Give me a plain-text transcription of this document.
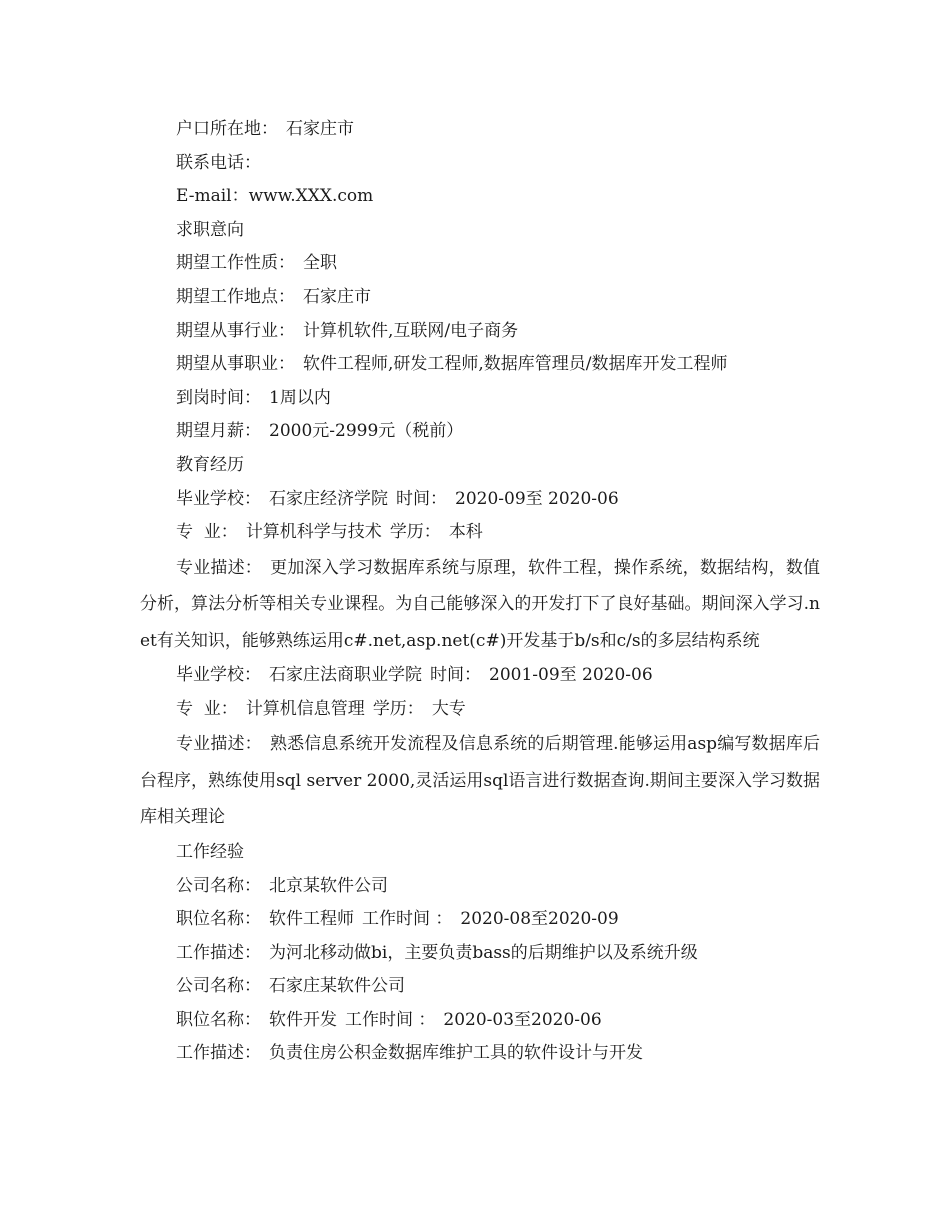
户口所在地： 石家庄市
联系电话：
E-mail：www.XXX.com
求职意向
期望工作性质： 全职
期望工作地点： 石家庄市
期望从事行业： 计算机软件,互联网/电子商务
期望从事职业： 软件工程师,研发工程师,数据库管理员/数据库开发工程师
到岗时间： 1周以内
期望月薪： 2000元-2999元（税前）
教育经历
毕业学校： 石家庄经济学院 时间： 2020-09至 2020-06
专  业： 计算机科学与技术 学历： 本科

专业描述： 更加深入学习数据库系统与原理，软件工程，操作系统，数据结构，数值分析，算法分析等相关专业课程。为自己能够深入的开发打下了良好基础。期间深入学习.net有关知识，能够熟练运用c#.net,asp.net(c#)开发基于b/s和c/s的多层结构系统

毕业学校： 石家庄法商职业学院 时间： 2001-09至 2020-06
专  业： 计算机信息管理 学历： 大专

专业描述： 熟悉信息系统开发流程及信息系统的后期管理.能够运用asp编写数据库后台程序，熟练使用sql server 2000,灵活运用sql语言进行数据查询.期间主要深入学习数据库相关理论

工作经验
公司名称： 北京某软件公司
职位名称： 软件工程师 工作时间 ： 2020-08至2020-09
工作描述： 为河北移动做bi，主要负责bass的后期维护以及系统升级
公司名称： 石家庄某软件公司
职位名称： 软件开发 工作时间 ： 2020-03至2020-06
工作描述： 负责住房公积金数据库维护工具的软件设计与开发
